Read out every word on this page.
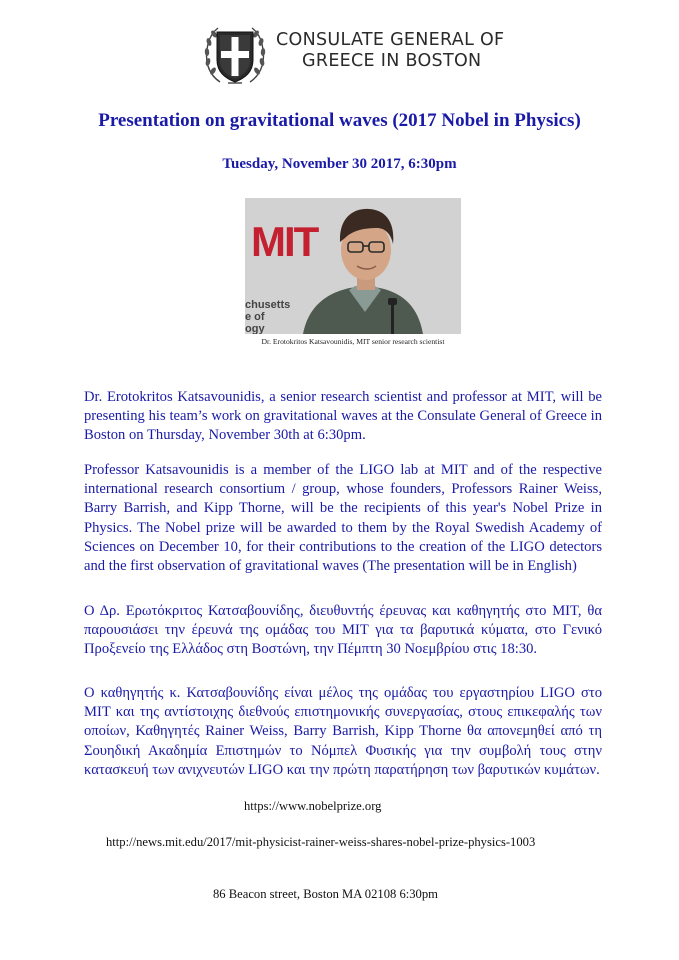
CONSULATE GENERAL OF
GREECE IN BOSTON
Presentation on gravitational waves (2017 Nobel in Physics)
Tuesday, November 30 2017, 6:30pm
MIT
chusetts
e of
ogy
Dr. Erotokritos Katsavounidis, MIT senior research scientist
Dr. Erotokritos Katsavounidis, a senior research scientist and professor at MIT, will be presenting his team’s work on gravitational waves at the Consulate General of Greece in Boston on Thursday, November 30th at 6:30pm.
Professor Katsavounidis is a member of the LIGO lab at MIT and of the respective international research consortium / group, whose founders, Professors Rainer Weiss, Barry Barrish, and Kipp Thorne, will be the recipients of this year's Nobel Prize in Physics. The Nobel prize will be awarded to them by the Royal Swedish Academy of Sciences on December 10, for their contributions to the creation of the LIGO detectors and the first observation of gravitational waves (The presentation will be in English)
Ο Δρ. Ερωτόκριτος Κατσαβουνίδης, διευθυντής έρευνας και καθηγητής στο MIT, θα παρουσιάσει την έρευνά της ομάδας του MIT για τα βαρυτικά κύματα, στο Γενικό Προξενείο της Ελλάδος στη Βοστώνη, την Πέμπτη 30 Νοεμβρίου στις 18:30.
Ο καθηγητής κ. Κατσαβουνίδης είναι μέλος της ομάδας του εργαστηρίου LIGO στο MIT και της αντίστοιχης διεθνούς επιστημονικής συνεργασίας, στους επικεφαλής των οποίων, Καθηγητές Rainer Weiss, Barry Barrish, Kipp Thorne θα απονεμηθεί από τη Σουηδική Ακαδημία Επιστημών το Νόμπελ Φυσικής για την συμβολή τους στην κατασκευή των ανιχνευτών LIGO και την πρώτη παρατήρηση των βαρυτικών κυμάτων.
https://www.nobelprize.org
http://news.mit.edu/2017/mit-physicist-rainer-weiss-shares-nobel-prize-physics-1003
86 Beacon street, Boston MA 02108 6:30pm
